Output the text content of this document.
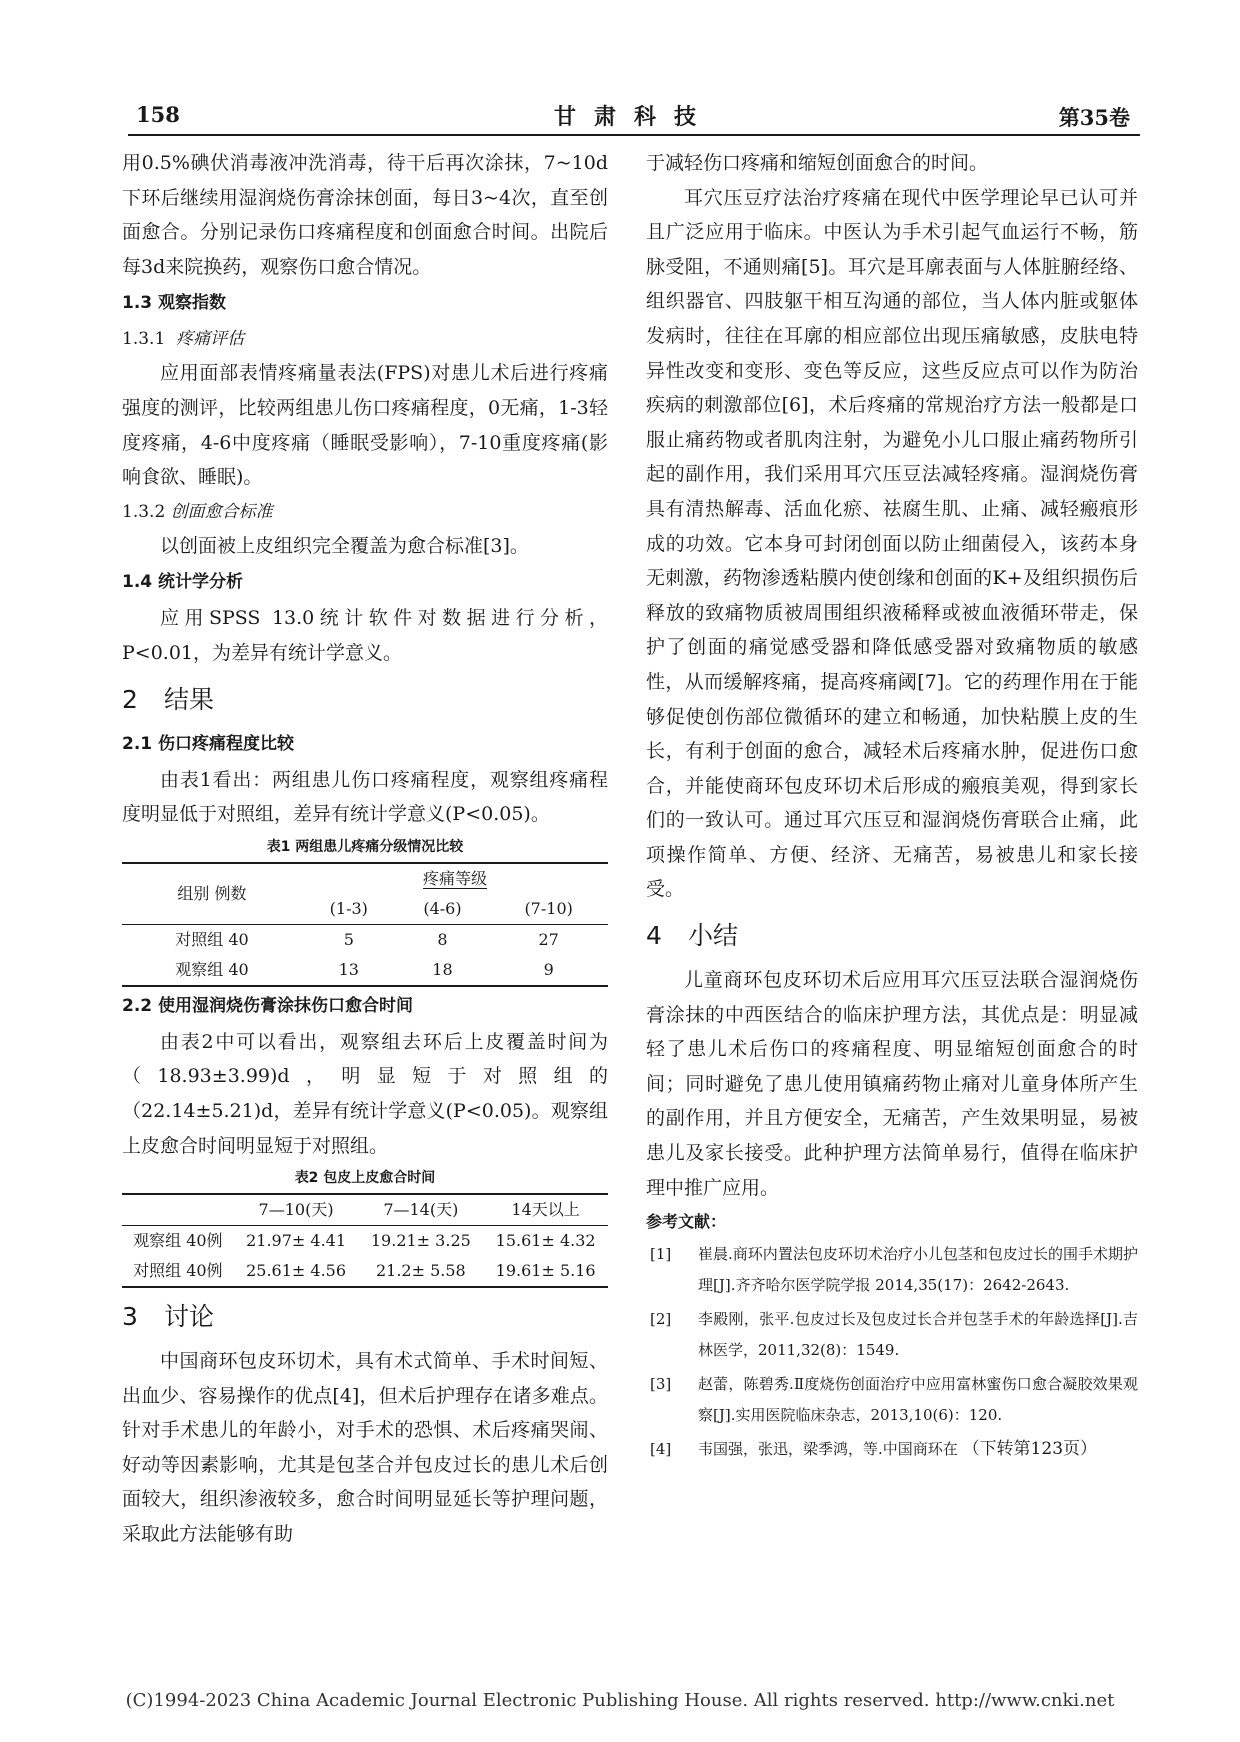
158	甘肃科技	第35卷

用0.5%碘伏消毒液冲洗消毒，待干后再次涂抹，7~10d下环后继续用湿润烧伤膏涂抹创面，每日3~4次，直至创面愈合。分别记录伤口疼痛程度和创面愈合时间。出院后每3d来院换药，观察伤口愈合情况。

1.3 观察指数
1.3.1 疼痛评估

应用面部表情疼痛量表法(FPS)对患儿术后进行疼痛强度的测评，比较两组患儿伤口疼痛程度，0无痛，1-3轻度疼痛，4-6中度疼痛（睡眠受影响），7-10重度疼痛(影响食欲、睡眠)。

1.3.2 创面愈合标准

以创面被上皮组织完全覆盖为愈合标准[3]。

1.4 统计学分析

应用SPSS 13.0统计软件对数据进行分析，P<0.01，为差异有统计学意义。

2 结果
2.1 伤口疼痛程度比较

由表1看出：两组患儿伤口疼痛程度，观察组疼痛程度明显低于对照组，差异有统计学意义(P<0.05)。

表1 两组患儿疼痛分级情况比较
组别 例数	疼痛等级		
	(1-3)	(4-6)	(7-10)
对照组 40	5	8	27
观察组 40	13	18	9
2.2 使用湿润烧伤膏涂抹伤口愈合时间

由表2中可以看出，观察组去环后上皮覆盖时间为（18.93±3.99)d，明显短于对照组的（22.14±5.21)d，差异有统计学意义(P<0.05)。观察组上皮愈合时间明显短于对照组。

表2 包皮上皮愈合时间
	7—10(天)	7—14(天)	14天以上
观察组 40例	21.97± 4.41	19.21± 3.25	15.61± 4.32
对照组 40例	25.61± 4.56	21.2± 5.58	19.61± 5.16
3 讨论

中国商环包皮环切术，具有术式简单、手术时间短、出血少、容易操作的优点[4]，但术后护理存在诸多难点。针对手术患儿的年龄小，对手术的恐惧、术后疼痛哭闹、好动等因素影响，尤其是包茎合并包皮过长的患儿术后创面较大，组织渗液较多，愈合时间明显延长等护理问题，采取此方法能够有助

于减轻伤口疼痛和缩短创面愈合的时间。

耳穴压豆疗法治疗疼痛在现代中医学理论早已认可并且广泛应用于临床。中医认为手术引起气血运行不畅，筋脉受阻，不通则痛[5]。耳穴是耳廓表面与人体脏腑经络、组织器官、四肢躯干相互沟通的部位，当人体内脏或躯体发病时，往往在耳廓的相应部位出现压痛敏感，皮肤电特异性改变和变形、变色等反应，这些反应点可以作为防治疾病的刺激部位[6]，术后疼痛的常规治疗方法一般都是口服止痛药物或者肌肉注射，为避免小儿口服止痛药物所引起的副作用，我们采用耳穴压豆法减轻疼痛。湿润烧伤膏具有清热解毒、活血化瘀、祛腐生肌、止痛、减轻瘢痕形成的功效。它本身可封闭创面以防止细菌侵入，该药本身无刺激，药物渗透粘膜内使创缘和创面的K+及组织损伤后释放的致痛物质被周围组织液稀释或被血液循环带走，保护了创面的痛觉感受器和降低感受器对致痛物质的敏感性，从而缓解疼痛，提高疼痛阈[7]。它的药理作用在于能够促使创伤部位微循环的建立和畅通，加快粘膜上皮的生长，有利于创面的愈合，减轻术后疼痛水肿，促进伤口愈合，并能使商环包皮环切术后形成的瘢痕美观，得到家长们的一致认可。通过耳穴压豆和湿润烧伤膏联合止痛，此项操作简单、方便、经济、无痛苦，易被患儿和家长接受。

4 小结

儿童商环包皮环切术后应用耳穴压豆法联合湿润烧伤膏涂抹的中西医结合的临床护理方法，其优点是：明显减轻了患儿术后伤口的疼痛程度、明显缩短创面愈合的时间；同时避免了患儿使用镇痛药物止痛对儿童身体所产生的副作用，并且方便安全，无痛苦，产生效果明显，易被患儿及家长接受。此种护理方法简单易行，值得在临床护理中推广应用。

参考文献：
[1] 崔晨.商环内置法包皮环切术治疗小儿包茎和包皮过长的围手术期护理[J].齐齐哈尔医学院学报 2014,35(17)：2642-2643.
[2] 李殿刚，张平.包皮过长及包皮过长合并包茎手术的年龄选择[J].吉林医学，2011,32(8)：1549.
[3] 赵蕾，陈碧秀.Ⅱ度烧伤创面治疗中应用富林蜜伤口愈合凝胶效果观察[J].实用医院临床杂志，2013,10(6)：120.
[4] 韦国强，张迅，梁季鸿，等.中国商环在 （下转第123页）
(C)1994-2023 China Academic Journal Electronic Publishing House. All rights reserved. http://www.cnki.net
